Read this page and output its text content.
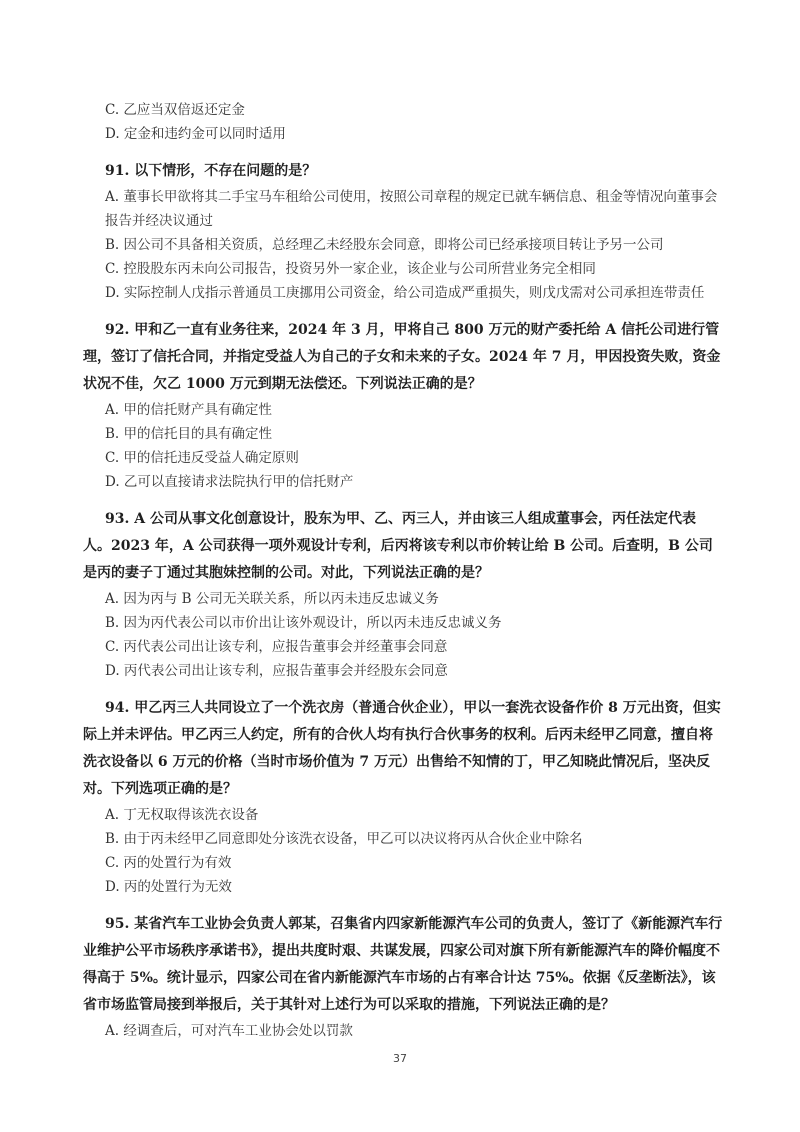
C. 乙应当双倍返还定金
D. 定金和违约金可以同时适用
91. 以下情形，不存在问题的是？
A. 董事长甲欲将其二手宝马车租给公司使用，按照公司章程的规定已就车辆信息、租金等情况向董事会报告并经决议通过
B. 因公司不具备相关资质，总经理乙未经股东会同意，即将公司已经承接项目转让予另一公司
C. 控股股东丙未向公司报告，投资另外一家企业，该企业与公司所营业务完全相同
D. 实际控制人戊指示普通员工庚挪用公司资金，给公司造成严重损失，则戊戊需对公司承担连带责任
92. 甲和乙一直有业务往来，2024 年 3 月，甲将自己 800 万元的财产委托给 A 信托公司进行管理，签订了信托合同，并指定受益人为自己的子女和未来的子女。2024 年 7 月，甲因投资失败，资金状况不佳，欠乙 1000 万元到期无法偿还。下列说法正确的是？
A. 甲的信托财产具有确定性
B. 甲的信托目的具有确定性
C. 甲的信托违反受益人确定原则
D. 乙可以直接请求法院执行甲的信托财产
93. A 公司从事文化创意设计，股东为甲、乙、丙三人，并由该三人组成董事会，丙任法定代表人。2023 年，A 公司获得一项外观设计专利，后丙将该专利以市价转让给 B 公司。后查明，B 公司是丙的妻子丁通过其胞妹控制的公司。对此，下列说法正确的是？
A. 因为丙与 B 公司无关联关系，所以丙未违反忠诚义务
B. 因为丙代表公司以市价出让该外观设计，所以丙未违反忠诚义务
C. 丙代表公司出让该专利，应报告董事会并经董事会同意
D. 丙代表公司出让该专利，应报告董事会并经股东会同意
94. 甲乙丙三人共同设立了一个洗衣房（普通合伙企业），甲以一套洗衣设备作价 8 万元出资，但实际上并未评估。甲乙丙三人约定，所有的合伙人均有执行合伙事务的权利。后丙未经甲乙同意，擅自将洗衣设备以 6 万元的价格（当时市场价值为 7 万元）出售给不知情的丁，甲乙知晓此情况后，坚决反对。下列选项正确的是？
A. 丁无权取得该洗衣设备
B. 由于丙未经甲乙同意即处分该洗衣设备，甲乙可以决议将丙从合伙企业中除名
C. 丙的处置行为有效
D. 丙的处置行为无效
95. 某省汽车工业协会负责人郭某，召集省内四家新能源汽车公司的负责人，签订了《新能源汽车行业维护公平市场秩序承诺书》，提出共度时艰、共谋发展，四家公司对旗下所有新能源汽车的降价幅度不得高于 5%。统计显示，四家公司在省内新能源汽车市场的占有率合计达 75%。依据《反垄断法》，该省市场监管局接到举报后，关于其针对上述行为可以采取的措施，下列说法正确的是？
A. 经调查后，可对汽车工业协会处以罚款
37
